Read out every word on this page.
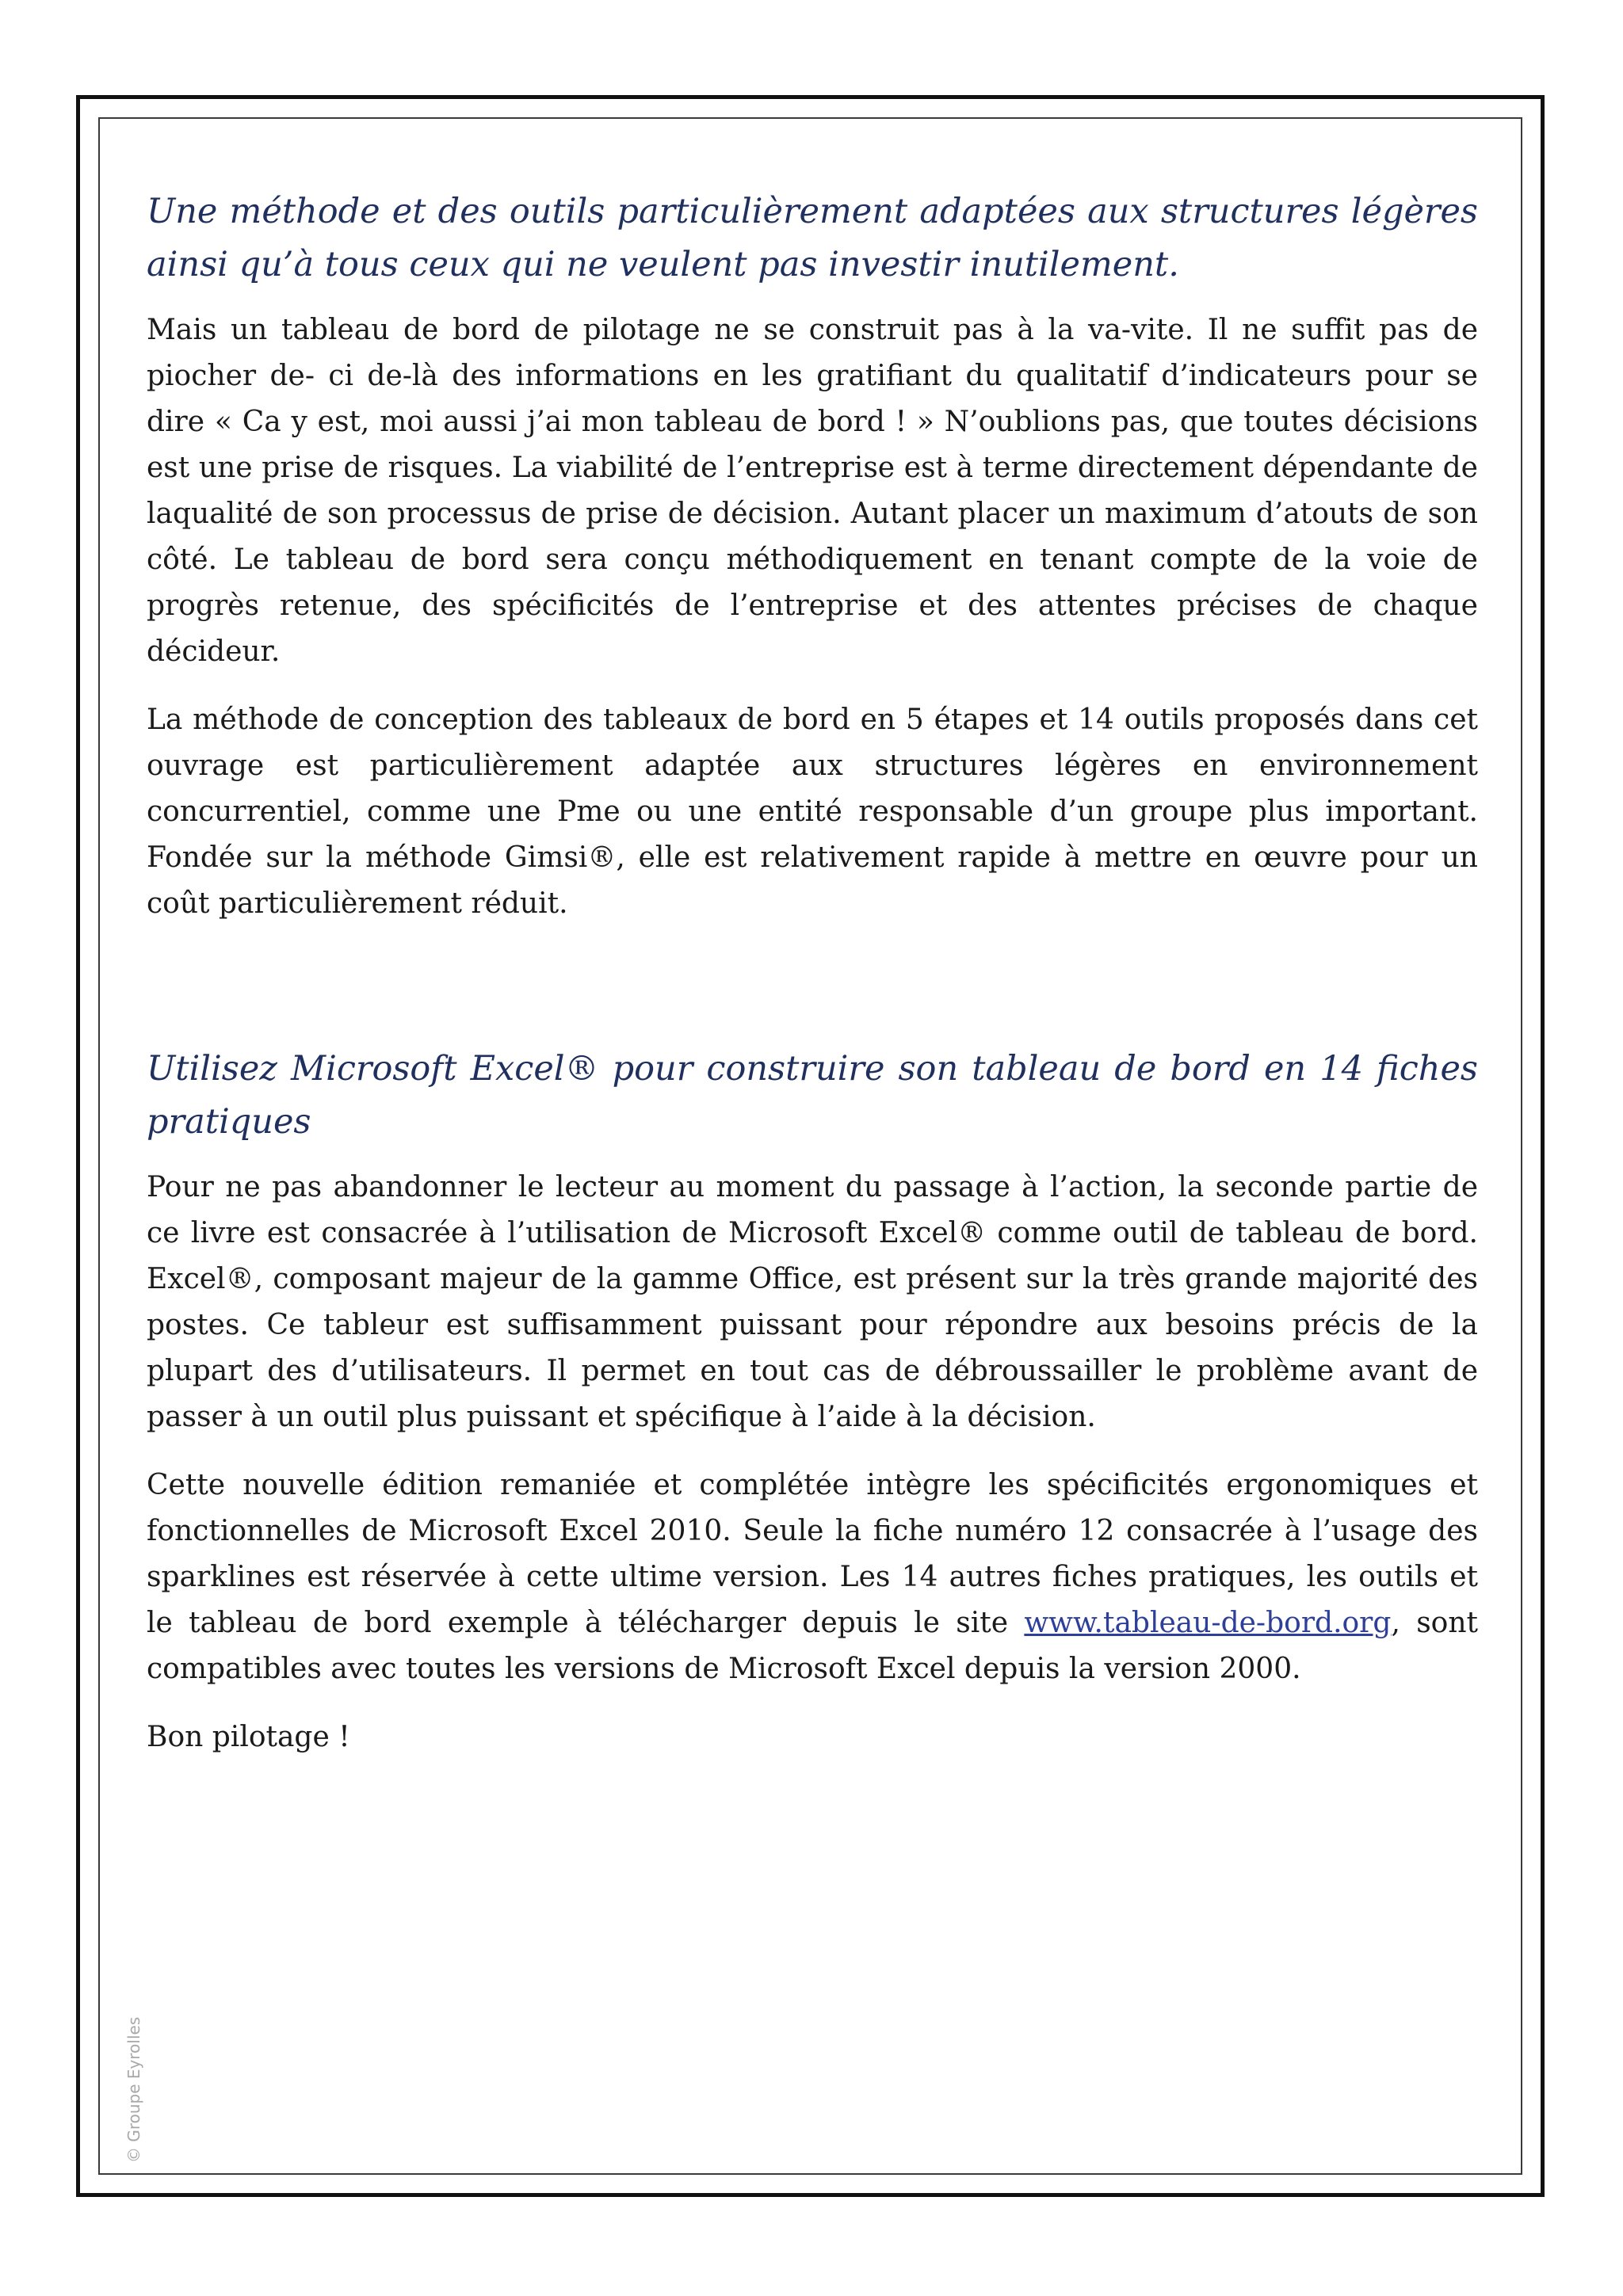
Une méthode et des outils particulièrement adaptées aux structures légères ainsi qu’à tous ceux qui ne veulent pas investir inutilement.

Mais un tableau de bord de pilotage ne se construit pas à la va-vite. Il ne suffit pas de piocher de- ci de-là des informations en les gratifiant du qualitatif d’indicateurs pour se dire « Ca y est, moi aussi j’ai mon tableau de bord ! » N’oublions pas, que toutes décisions est une prise de risques. La viabilité de l’entreprise est à terme directement dépendante de laqualité de son processus de prise de décision. Autant placer un maximum d’atouts de son côté. Le tableau de bord sera conçu méthodiquement en tenant compte de la voie de progrès retenue, des spécificités de l’entreprise et des attentes précises de chaque décideur.

La méthode de conception des tableaux de bord en 5 étapes et 14 outils proposés dans cet ouvrage est particulièrement adaptée aux structures légères en environnement concurrentiel, comme une Pme ou une entité responsable d’un groupe plus important. Fondée sur la méthode Gimsi®, elle est relativement rapide à mettre en œuvre pour un coût particulièrement réduit.

Utilisez Microsoft Excel® pour construire son tableau de bord en 14 fiches pratiques

Pour ne pas abandonner le lecteur au moment du passage à l’action, la seconde partie de ce livre est consacrée à l’utilisation de Microsoft Excel® comme outil de tableau de bord. Excel®, composant majeur de la gamme Office, est présent sur la très grande majorité des postes. Ce tableur est suffisamment puissant pour répondre aux besoins précis de la plupart des d’utilisateurs. Il permet en tout cas de débroussailler le problème avant de passer à un outil plus puissant et spécifique à l’aide à la décision.

Cette nouvelle édition remaniée et complétée intègre les spécificités ergonomiques et fonctionnelles de Microsoft Excel 2010. Seule la fiche numéro 12 consacrée à l’usage des sparklines est réservée à cette ultime version. Les 14 autres fiches pratiques, les outils et le tableau de bord exemple à télécharger depuis le site www.tableau-de-bord.org, sont compatibles avec toutes les versions de Microsoft Excel depuis la version 2000.

Bon pilotage !

© Groupe Eyrolles
